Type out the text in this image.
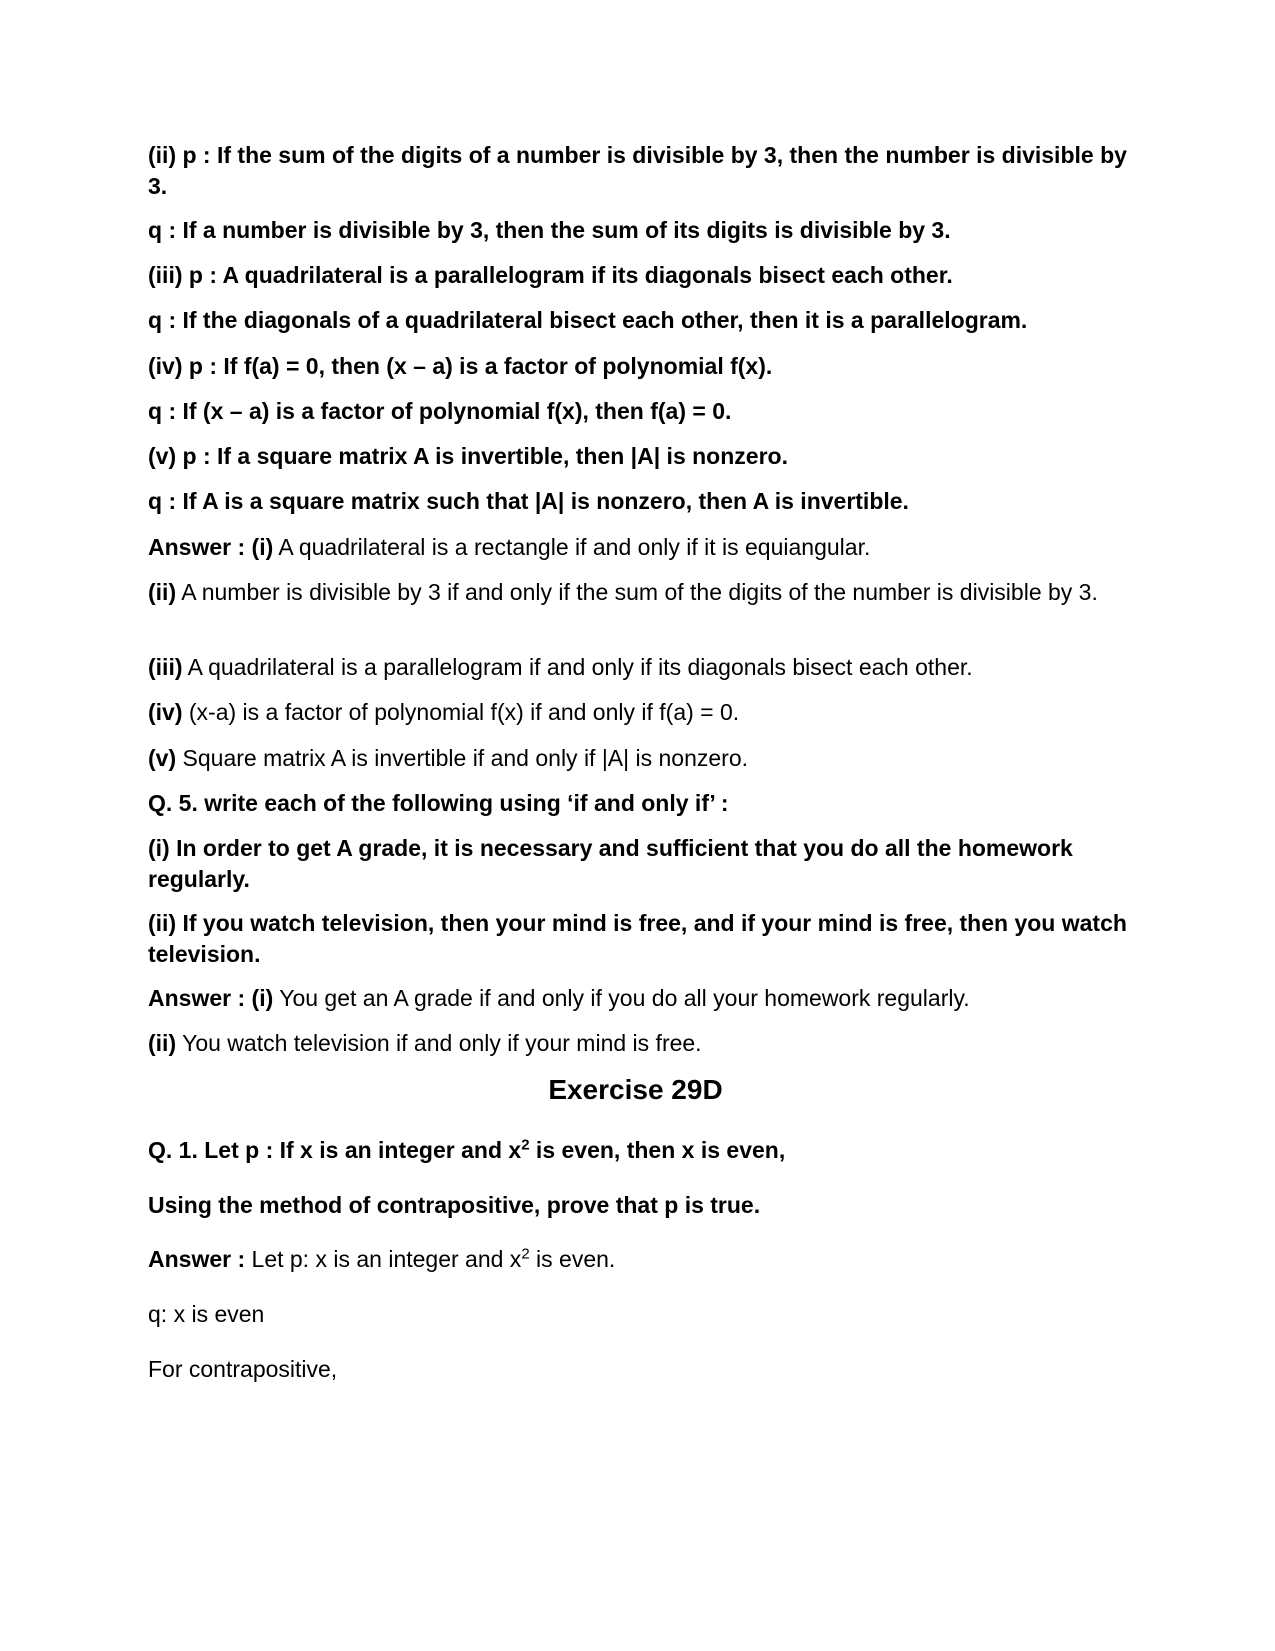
(ii) p : If the sum of the digits of a number is divisible by 3, then the number is divisible by 3.

q : If a number is divisible by 3, then the sum of its digits is divisible by 3.

(iii) p : A quadrilateral is a parallelogram if its diagonals bisect each other.

q : If the diagonals of a quadrilateral bisect each other, then it is a parallelogram.

(iv) p : If f(a) = 0, then (x – a) is a factor of polynomial f(x).

q : If (x – a) is a factor of polynomial f(x), then f(a) = 0.

(v) p : If a square matrix A is invertible, then |A| is nonzero.

q : If A is a square matrix such that |A| is nonzero, then A is invertible.

Answer : (i) A quadrilateral is a rectangle if and only if it is equiangular.

(ii) A number is divisible by 3 if and only if the sum of the digits of the number is divisible by 3.

(iii) A quadrilateral is a parallelogram if and only if its diagonals bisect each other.

(iv) (x-a) is a factor of polynomial f(x) if and only if f(a) = 0.

(v) Square matrix A is invertible if and only if |A| is nonzero.

Q. 5. write each of the following using ‘if and only if’ :

(i) In order to get A grade, it is necessary and sufficient that you do all the homework regularly.

(ii) If you watch television, then your mind is free, and if your mind is free, then you watch television.

Answer : (i) You get an A grade if and only if you do all your homework regularly.

(ii) You watch television if and only if your mind is free.

Exercise 29D

Q. 1. Let p : If x is an integer and $x^2$ is even, then x is even,

Using the method of contrapositive, prove that p is true.

Answer : Let p: x is an integer and $x^2$ is even.

q: x is even

For contrapositive,
